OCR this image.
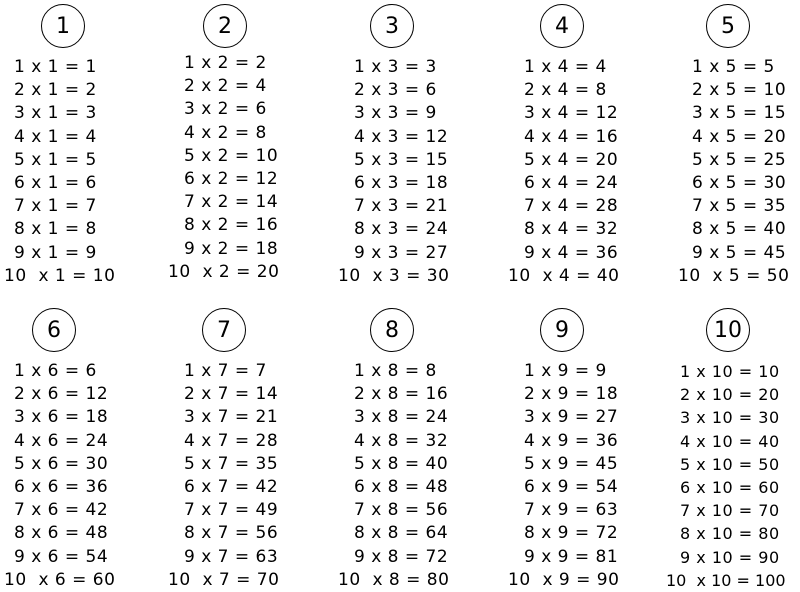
1
1 x 1 = 1
2 x 1 = 2
3 x 1 = 3
4 x 1 = 4
5 x 1 = 5
6 x 1 = 6
7 x 1 = 7
8 x 1 = 8
9 x 1 = 9
10  x 1 = 10
2
1 x 2 = 2
2 x 2 = 4
3 x 2 = 6
4 x 2 = 8
5 x 2 = 10
6 x 2 = 12
7 x 2 = 14
8 x 2 = 16
9 x 2 = 18
10  x 2 = 20
3
1 x 3 = 3
2 x 3 = 6
3 x 3 = 9
4 x 3 = 12
5 x 3 = 15
6 x 3 = 18
7 x 3 = 21
8 x 3 = 24
9 x 3 = 27
10  x 3 = 30
4
1 x 4 = 4
2 x 4 = 8
3 x 4 = 12
4 x 4 = 16
5 x 4 = 20
6 x 4 = 24
7 x 4 = 28
8 x 4 = 32
9 x 4 = 36
10  x 4 = 40
5
1 x 5 = 5
2 x 5 = 10
3 x 5 = 15
4 x 5 = 20
5 x 5 = 25
6 x 5 = 30
7 x 5 = 35
8 x 5 = 40
9 x 5 = 45
10  x 5 = 50
6
1 x 6 = 6
2 x 6 = 12
3 x 6 = 18
4 x 6 = 24
5 x 6 = 30
6 x 6 = 36
7 x 6 = 42
8 x 6 = 48
9 x 6 = 54
10  x 6 = 60
7
1 x 7 = 7
2 x 7 = 14
3 x 7 = 21
4 x 7 = 28
5 x 7 = 35
6 x 7 = 42
7 x 7 = 49
8 x 7 = 56
9 x 7 = 63
10  x 7 = 70
8
1 x 8 = 8
2 x 8 = 16
3 x 8 = 24
4 x 8 = 32
5 x 8 = 40
6 x 8 = 48
7 x 8 = 56
8 x 8 = 64
9 x 8 = 72
10  x 8 = 80
9
1 x 9 = 9
2 x 9 = 18
3 x 9 = 27
4 x 9 = 36
5 x 9 = 45
6 x 9 = 54
7 x 9 = 63
8 x 9 = 72
9 x 9 = 81
10  x 9 = 90
10
1 x 10 = 10
2 x 10 = 20
3 x 10 = 30
4 x 10 = 40
5 x 10 = 50
6 x 10 = 60
7 x 10 = 70
8 x 10 = 80
9 x 10 = 90
10  x 10 = 100
